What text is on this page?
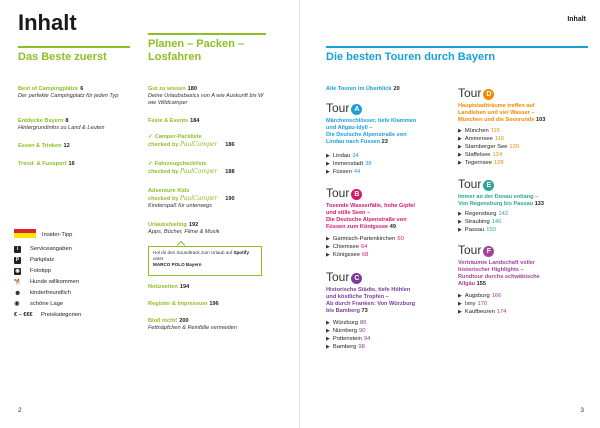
Inhalt
Das Beste zuerst
Best of Campingplätze 6
Der perfekte Campingplatz für jeden Typ
Entdecke Bayern 8
Hintergrundinfos zu Land & Leuten
Essen & Trinken 12
Trend- & Funsport 16
Planen – Packen –
Losfahren
Gut zu wissen 180
Deine Urlaubsbasics von A wie Auskunft bis W wie Wildcamper
Feste & Events 184
✓ Camper-Packliste
checked by PaulCamper 186
✓ Fahrzeugcheckliste
checked by PaulCamper 188
Adventure Kids
checked by PaulCamper 190
Kinderspaß für unterwegs
Urlaubsfeeling 192
Apps, Bücher, Filme & Musik
Hol dir den Soundtrack zum Urlaub auf Spotify unter
MARCO POLO Bayern
Notizseiten 194
Register & Impressum 196
Bloß nicht! 200
Fettnäpfchen & Reinfälle vermeiden
Insider-Tipp
i	Serviceangaben
P	Parkplatz
◉ Fototipp
🐕 Hunde willkommen
☻ kinderfreundlich
✺ schöne Lage
€ – €€€ Preiskategorien
2
Inhalt
Die besten Touren durch Bayern
Alle Touren im Überblick 20
Tour A
Märchenschlösser, tiefe Klammen
und Allgäu-Idyll –
Die Deutsche Alpenstraße von
Lindau nach Füssen 23
▶ Lindau 34
▶ Immenstadt 38
▶ Füssen 44
Tour B
Tosende Wasserfälle, hohe Gipfel
und stille Seen –
Die Deutsche Alpenstraße von
Füssen zum Königssee 49
▶ Garmisch-Partenkirchen 60
▶ Chiemsee 64
▶ Königssee 68
Tour C
Historische Städte, tiefe Höhlen
und köstliche Tropfen –
Ab durch Franken: Von Würzburg
bis Bamberg 73
▶ Würzburg 86
▶ Nürnberg 90
▶ Pottenstein 94
▶ Bamberg 98
Tour D
Hauptstadtträume treffen auf
Landleben und viel Wasser –
München und die Seenrunde 103
▶ München 115
▶ Ammersee 116
▶ Starnberger See 120
▶ Staffelsee 124
▶ Tegernsee 128
Tour E
Immer an der Donau entlang –
Von Regensburg bis Passau 133
▶ Regensburg 142
▶ Straubing 146
▶ Passau 150
Tour F
Verträumte Landschaft voller
historischer Highlights –
Rundtour durchs schwäbische
Allgäu 155
▶ Augsburg 166
▶ Isny 170
▶ Kaufbeuren 174
3
